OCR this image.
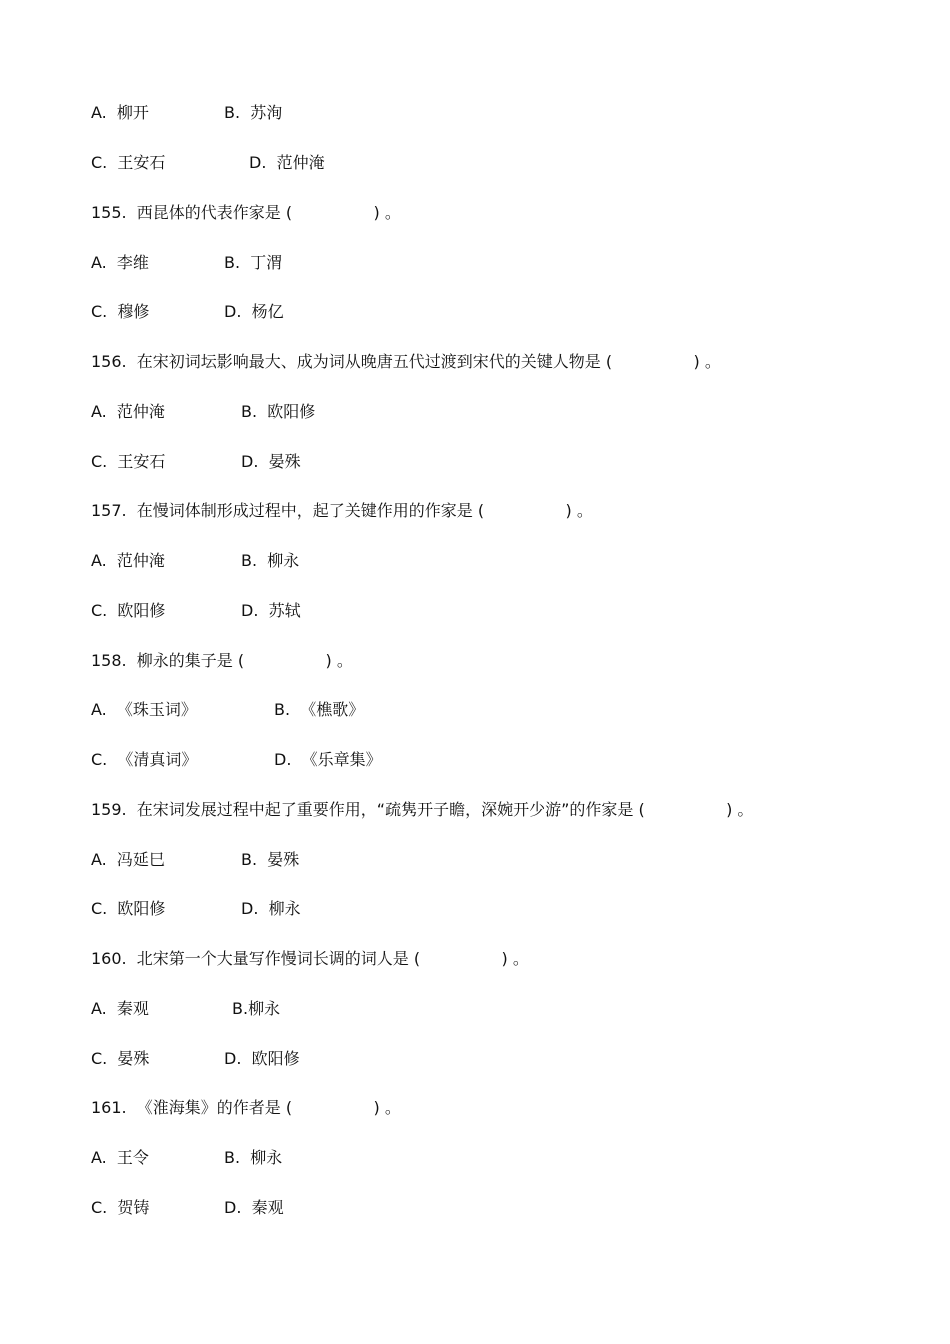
A.  柳开	B.  苏洵
C.  王安石	D.  范仲淹
155.  西昆体的代表作家是 (                ) 。
A.  李维	B.  丁渭
C.  穆修	D.  杨亿
156.  在宋初词坛影响最大、成为词从晚唐五代过渡到宋代的关键人物是 (                ) 。
A.  范仲淹	B.  欧阳修
C.  王安石	D.  晏殊
157.  在慢词体制形成过程中，起了关键作用的作家是 (                ) 。
A.  范仲淹	B.  柳永
C.  欧阳修	D.  苏轼
158.  柳永的集子是 (                ) 。
A.  《珠玉词》	B.  《樵歌》
C.  《清真词》	D.  《乐章集》
159.  在宋词发展过程中起了重要作用，“疏隽开子瞻，深婉开少游”的作家是 (                ) 。
A.  冯延巳	B.  晏殊
C.  欧阳修	D.  柳永
160.  北宋第一个大量写作慢词长调的词人是 (                ) 。
A.  秦观	B.柳永
C.  晏殊	D.  欧阳修
161.  《淮海集》的作者是 (                ) 。
A.  王令	B.  柳永
C.  贺铸	D.  秦观
